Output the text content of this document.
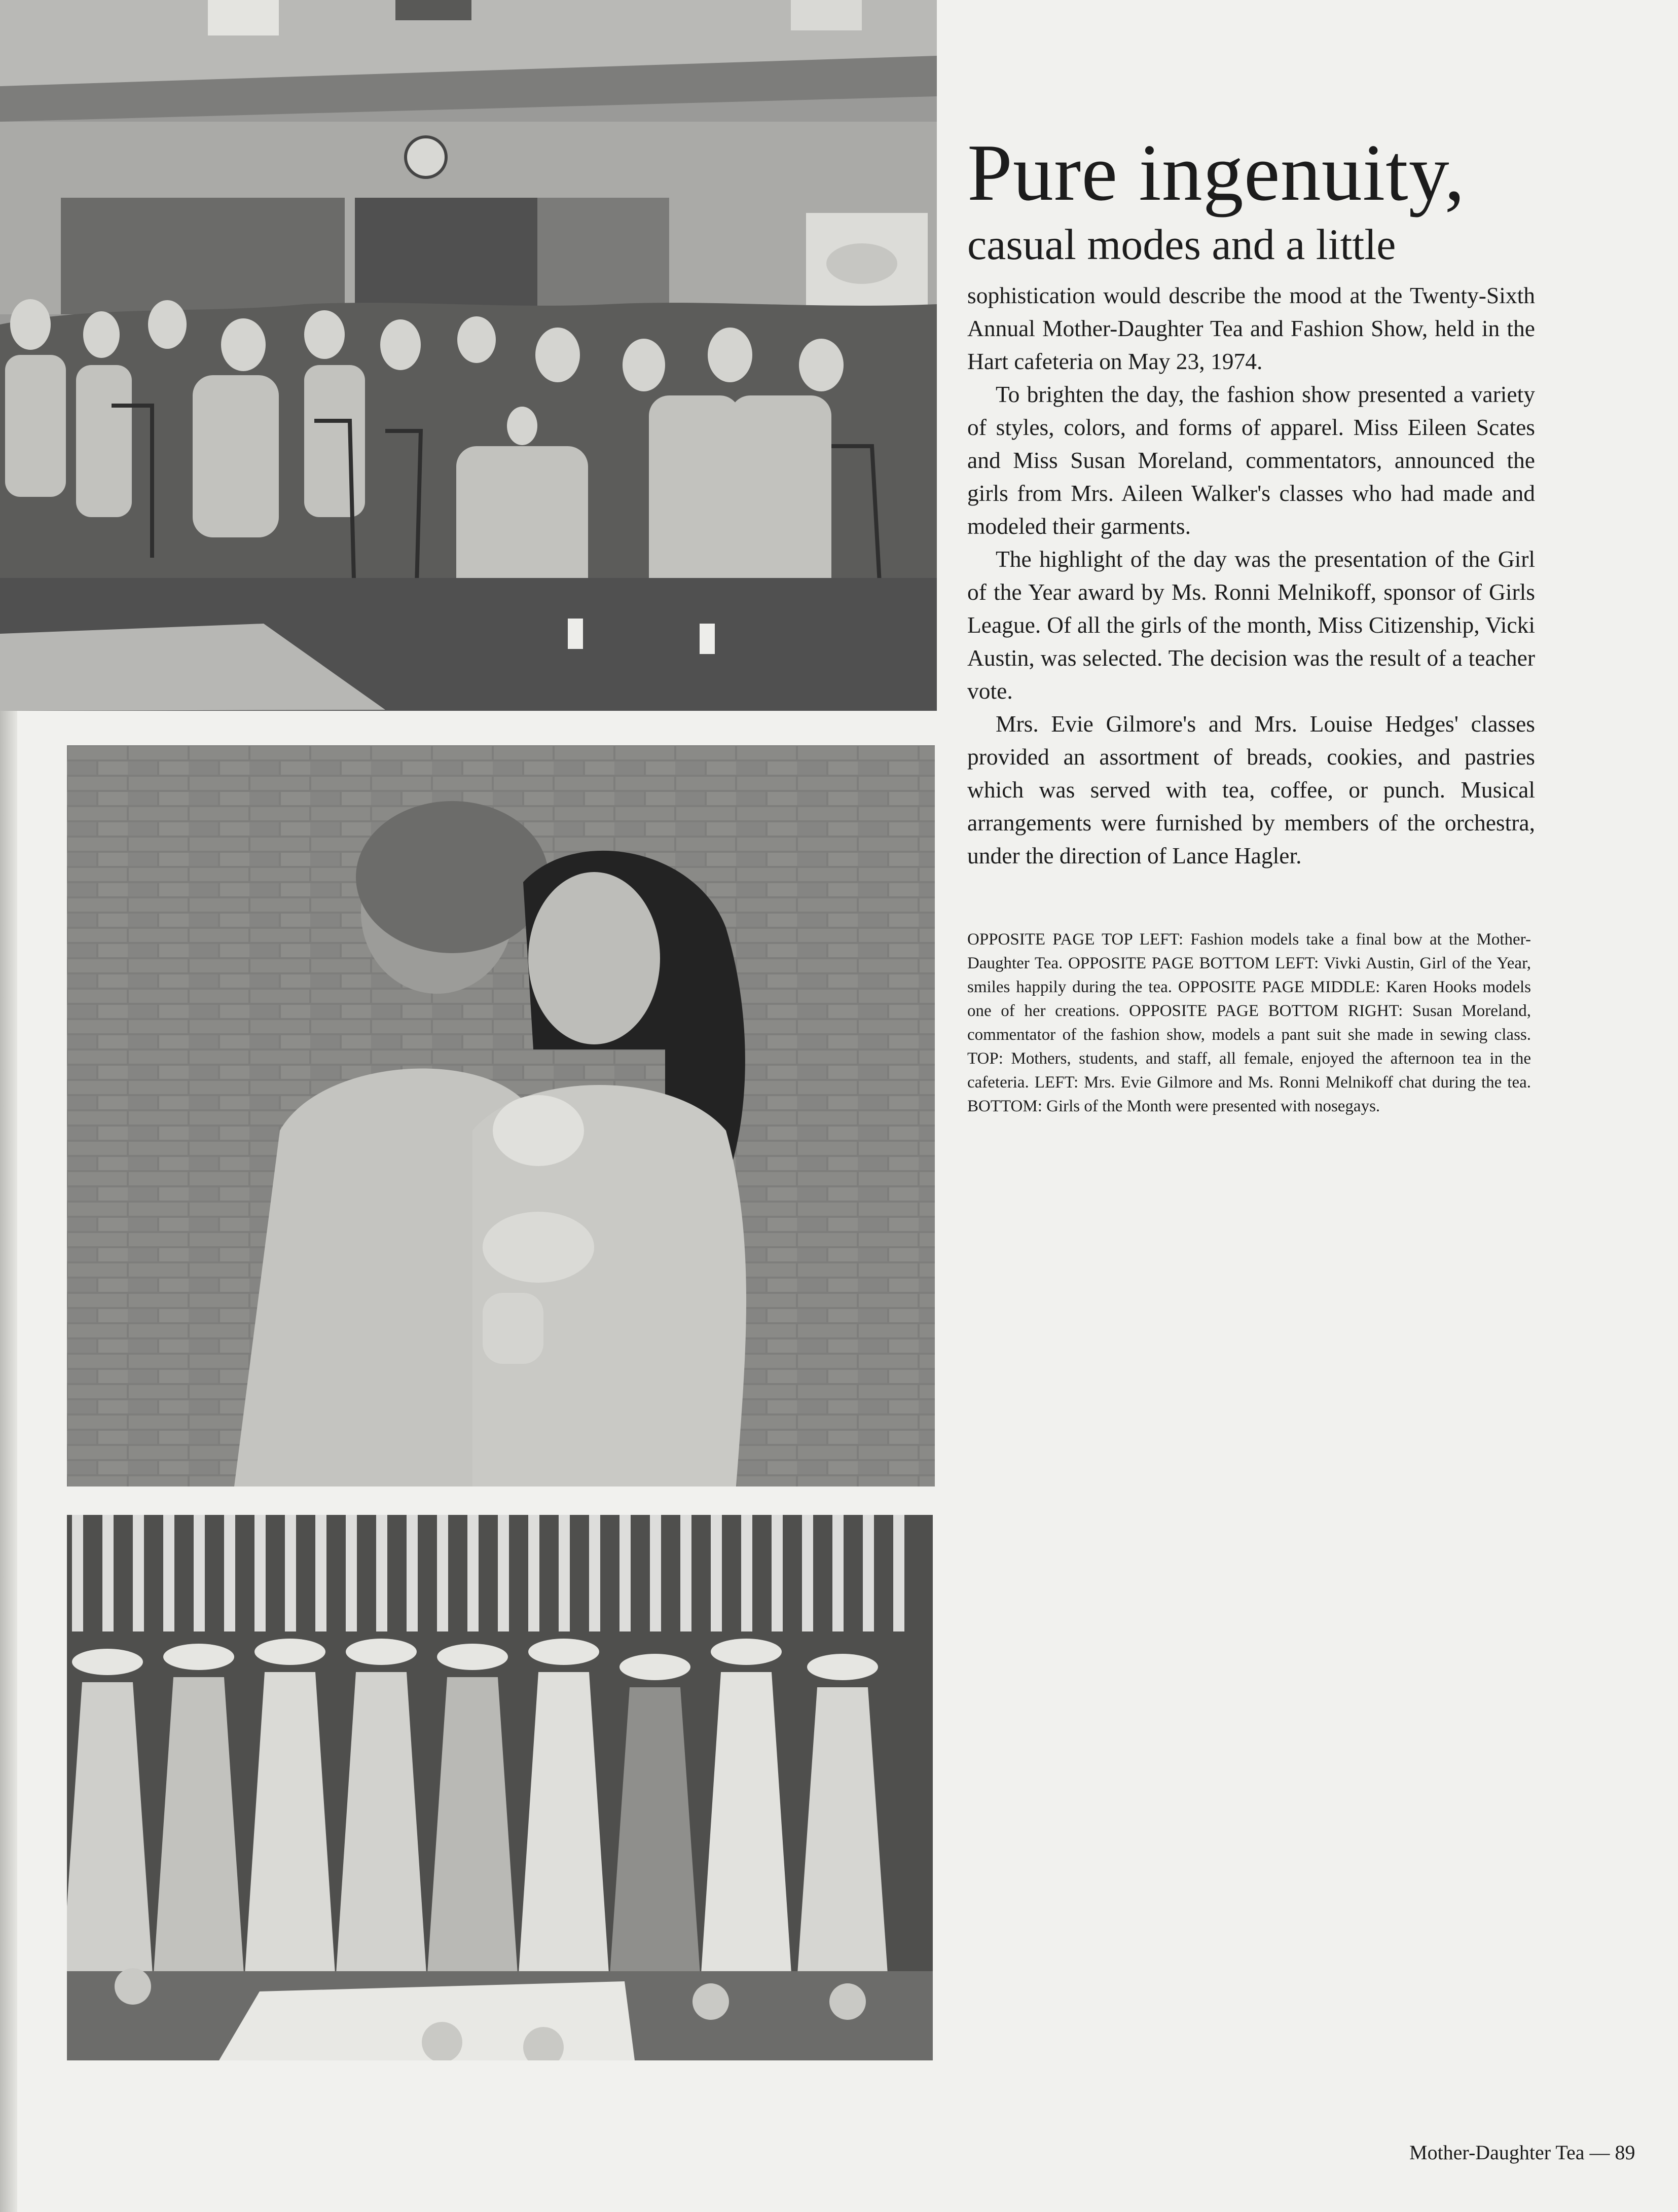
Pure ingenuity,
casual modes and a little

sophistication would describe the mood at the Twenty-Sixth Annual Mother-Daughter Tea and Fashion Show, held in the Hart cafeteria on May 23, 1974.

To brighten the day, the fashion show presented a variety of styles, colors, and forms of apparel. Miss Eileen Scates and Miss Susan Moreland, commentators, announced the girls from Mrs. Aileen Walker's classes who had made and modeled their garments.

The highlight of the day was the presentation of the Girl of the Year award by Ms. Ronni Melnikoff, sponsor of Girls League. Of all the girls of the month, Miss Citizenship, Vicki Austin, was selected. The decision was the result of a teacher vote.

Mrs. Evie Gilmore's and Mrs. Louise Hedges' classes provided an assortment of breads, cookies, and pastries which was served with tea, coffee, or punch. Musical arrangements were furnished by members of the orchestra, under the direction of Lance Hagler.

OPPOSITE PAGE TOP LEFT: Fashion models take a final bow at the Mother-Daughter Tea. OPPOSITE PAGE BOTTOM LEFT: Vivki Austin, Girl of the Year, smiles happily during the tea. OPPOSITE PAGE MIDDLE: Karen Hooks models one of her creations. OPPOSITE PAGE BOTTOM RIGHT: Susan Moreland, commentator of the fashion show, models a pant suit she made in sewing class. TOP: Mothers, students, and staff, all female, enjoyed the afternoon tea in the cafeteria. LEFT: Mrs. Evie Gilmore and Ms. Ronni Melnikoff chat during the tea. BOTTOM: Girls of the Month were presented with nosegays.
Mother-Daughter Tea — 89
